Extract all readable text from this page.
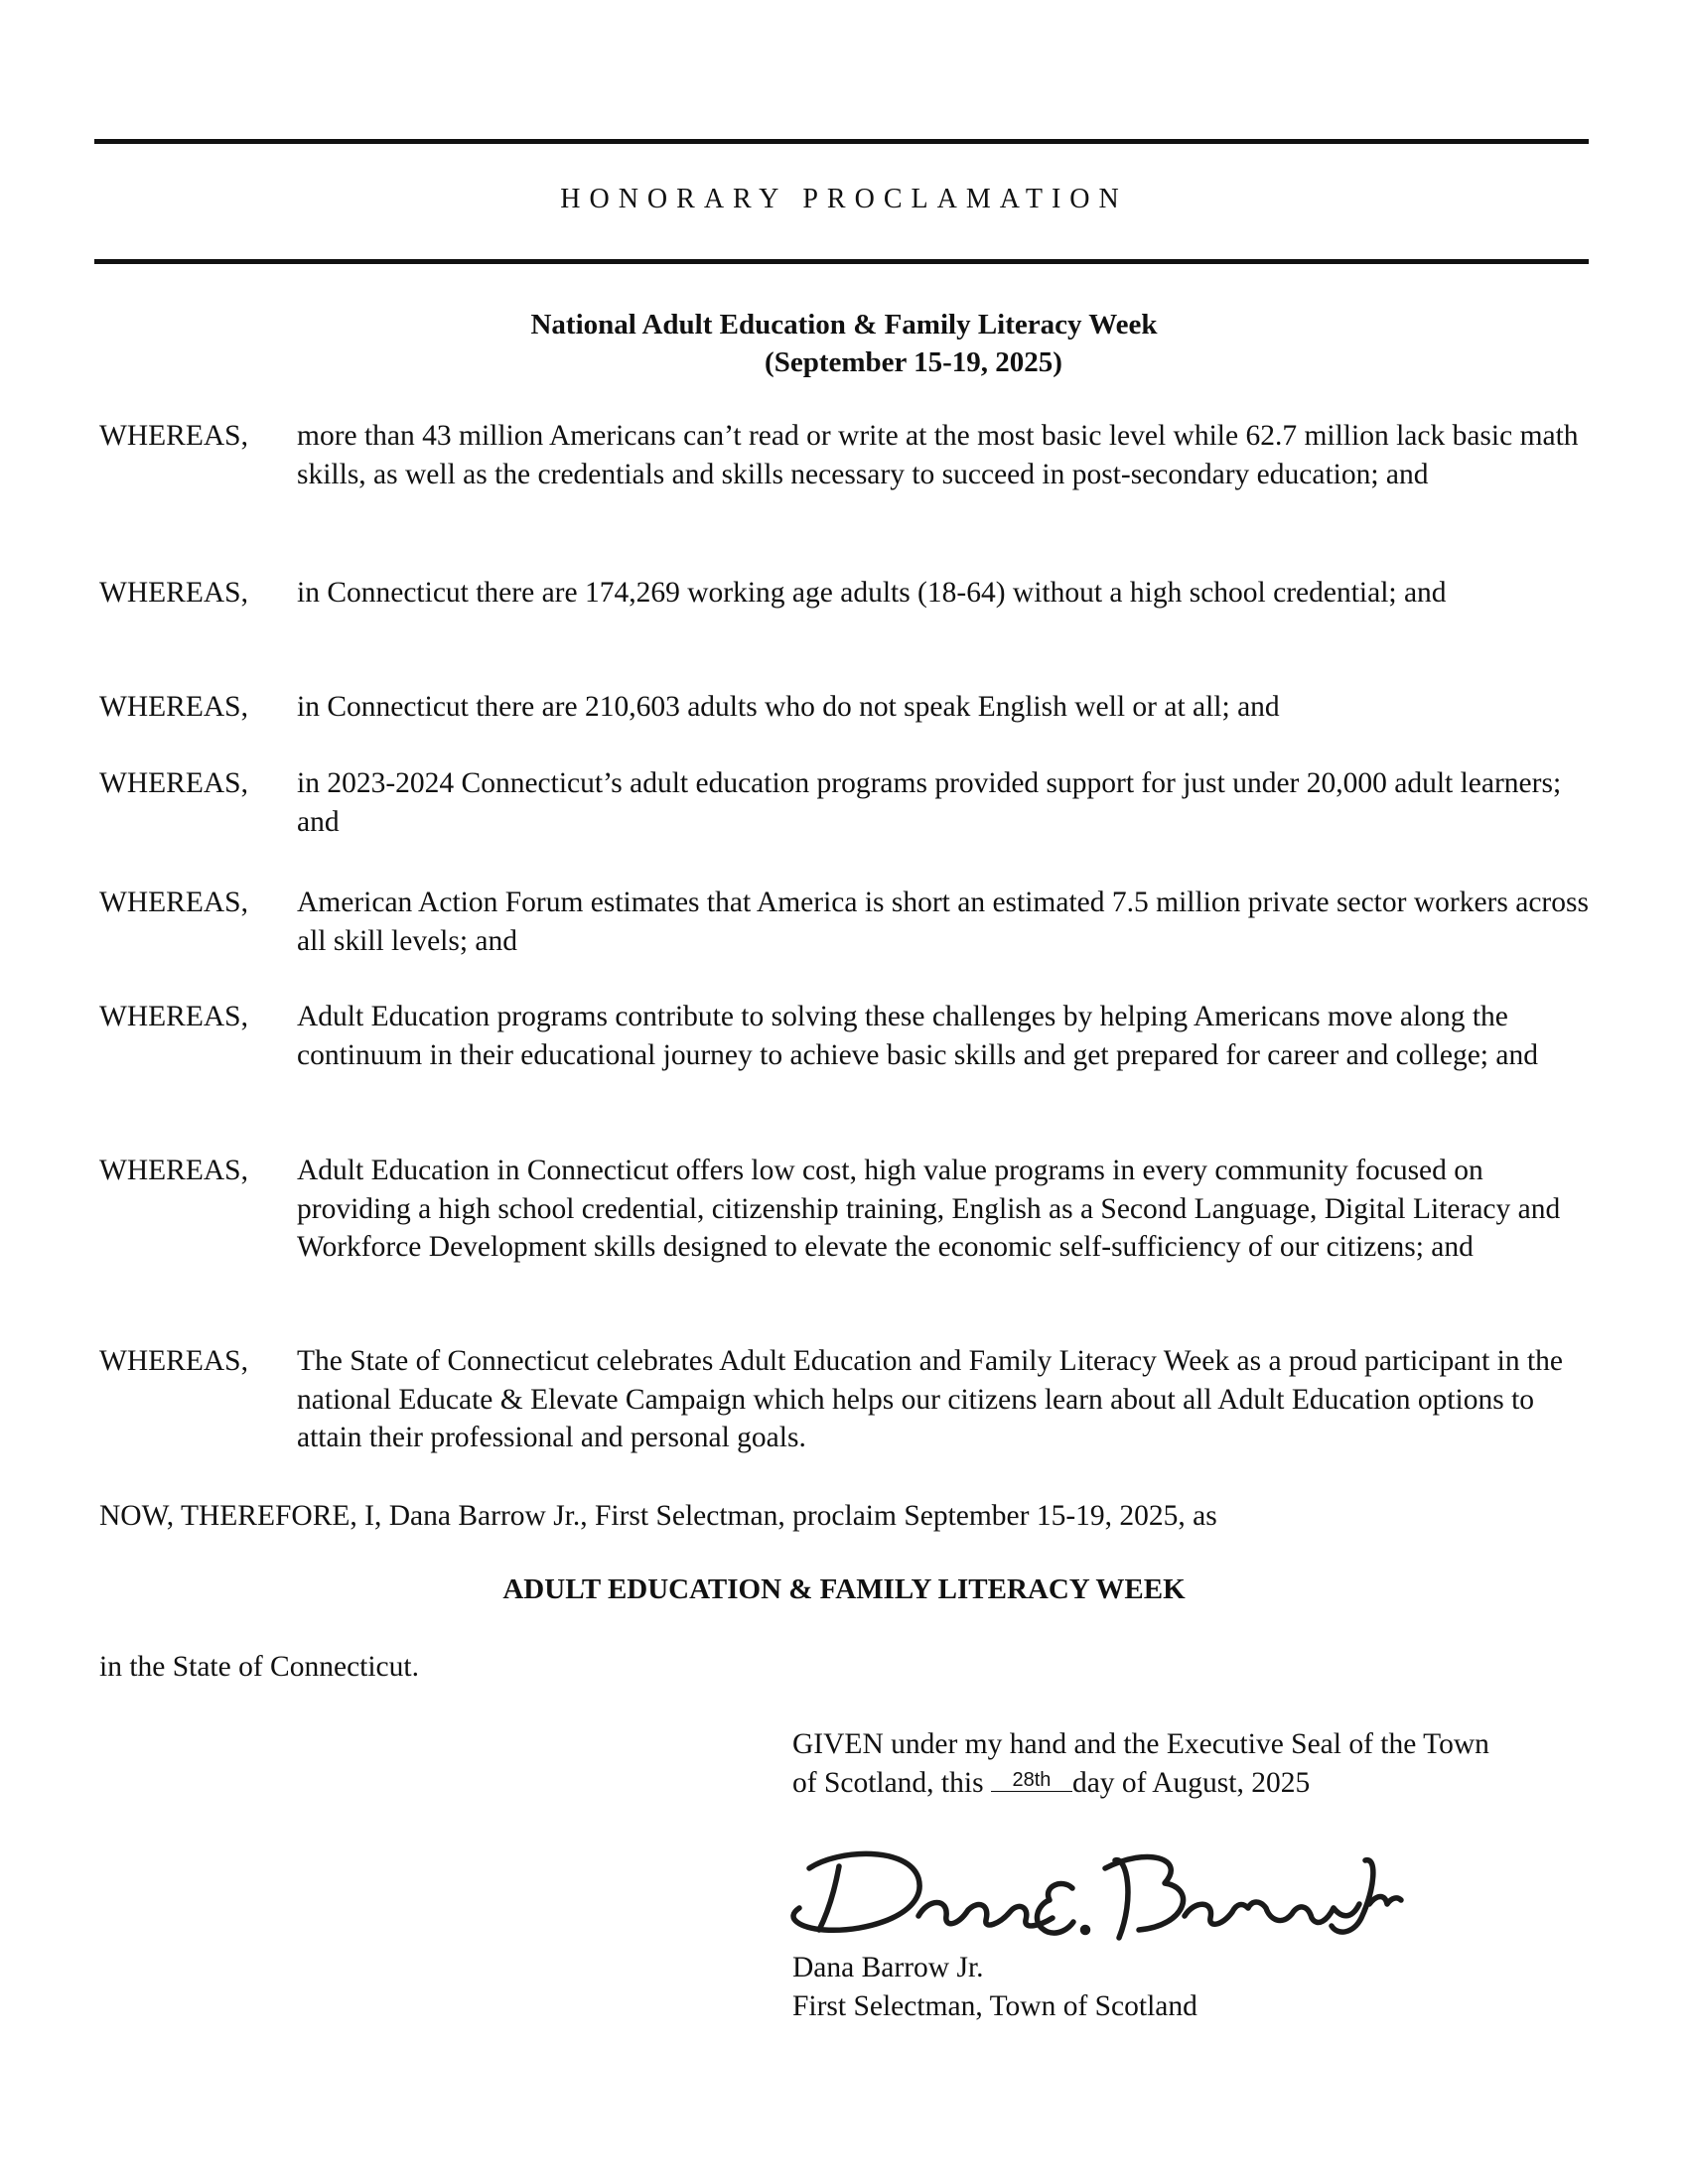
HONORARY PROCLAMATION
National Adult Education & Family Literacy Week
(September 15-19, 2025)
WHEREAS,	more than 43 million Americans can’t read or write at the most basic level while 62.7 million lack basic math skills, as well as the credentials and skills necessary to succeed in post-secondary education; and
WHEREAS,	in Connecticut there are 174,269 working age adults (18-64) without a high school credential; and
WHEREAS,	in Connecticut there are 210,603 adults who do not speak English well or at all; and
WHEREAS,	in 2023-2024 Connecticut’s adult education programs provided support for just under 20,000 adult learners; and
WHEREAS,	American Action Forum estimates that America is short an estimated 7.5 million private sector workers across all skill levels; and
WHEREAS,	Adult Education programs contribute to solving these challenges by helping Americans move along the continuum in their educational journey to achieve basic skills and get prepared for career and college; and
WHEREAS,	Adult Education in Connecticut offers low cost, high value programs in every community focused on providing a high school credential, citizenship training, English as a Second Language, Digital Literacy and Workforce Development skills designed to elevate the economic self-sufficiency of our citizens; and
WHEREAS,	The State of Connecticut celebrates Adult Education and Family Literacy Week as a proud participant in the national Educate & Elevate Campaign which helps our citizens learn about all Adult Education options to attain their professional and personal goals.
NOW, THEREFORE, I, Dana Barrow Jr., First Selectman, proclaim September 15-19, 2025, as
ADULT EDUCATION & FAMILY LITERACY WEEK
in the State of Connecticut.
GIVEN under my hand and the Executive Seal of the Town
of Scotland, this 28th day of August, 2025
Dana Barrow Jr.
First Selectman, Town of Scotland
